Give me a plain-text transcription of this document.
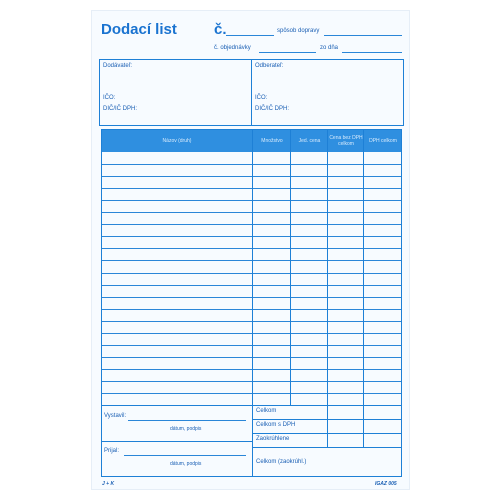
Dodací list č.	spôsob dopravy
č. objednávky	zo dňa
Dodávateľ:
IČO:
DIČ/IČ DPH:
Odberateľ:
IČO:
DIČ/IČ DPH:
Názov (druh)	Množstvo	Jed. cena	Cena bez DPH celkom	DPH celkom
Vystavil:
dátum, podpis
Prijal:
dátum, podpis
Celkom
Celkom s DPH
Zaokrúhlene
Celkom (zaokrúhl.)
J + K	IGAZ 005
